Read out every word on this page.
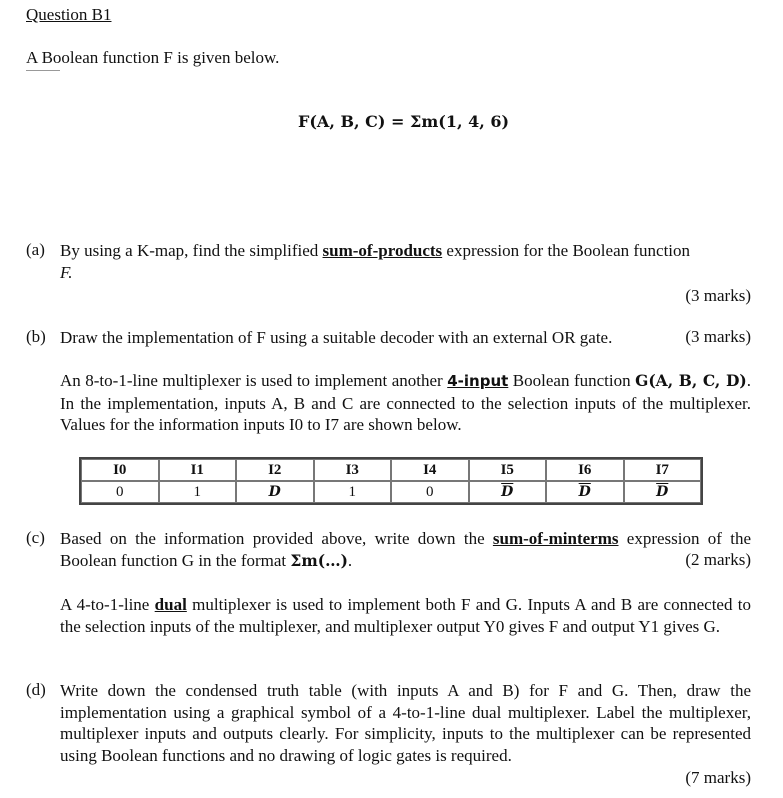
Question B1
A Boolean function F is given below.
F(A, B, C) = Σm(1, 4, 6)
(a) By using a K-map, find the simplified sum-of-products expression for the Boolean function
F.
(3 marks)
(b) Draw the implementation of F using a suitable decoder with an external OR gate.	(3 marks)
An 8-to-1-line multiplexer is used to implement another 4-input Boolean function G(A, B, C, D). In the implementation, inputs A, B and C are connected to the selection inputs of the multiplexer. Values for the information inputs I0 to I7 are shown below.
I0	I1	I2	I3	I4	I5	I6	I7
0	1	D	1	0	$\overline{D}$	$\overline{D}$	$\overline{D}$
(c) Based on the information provided above, write down the sum-of-minterms expression of the Boolean function G in the format Σm(…).	(2 marks)
A 4-to-1-line dual multiplexer is used to implement both F and G. Inputs A and B are connected to the selection inputs of the multiplexer, and multiplexer output Y0 gives F and output Y1 gives G.
(d) Write down the condensed truth table (with inputs A and B) for F and G. Then, draw the implementation using a graphical symbol of a 4-to-1-line dual multiplexer. Label the multiplexer, multiplexer inputs and outputs clearly. For simplicity, inputs to the multiplexer can be represented using Boolean functions and no drawing of logic gates is required.
(7 marks)
